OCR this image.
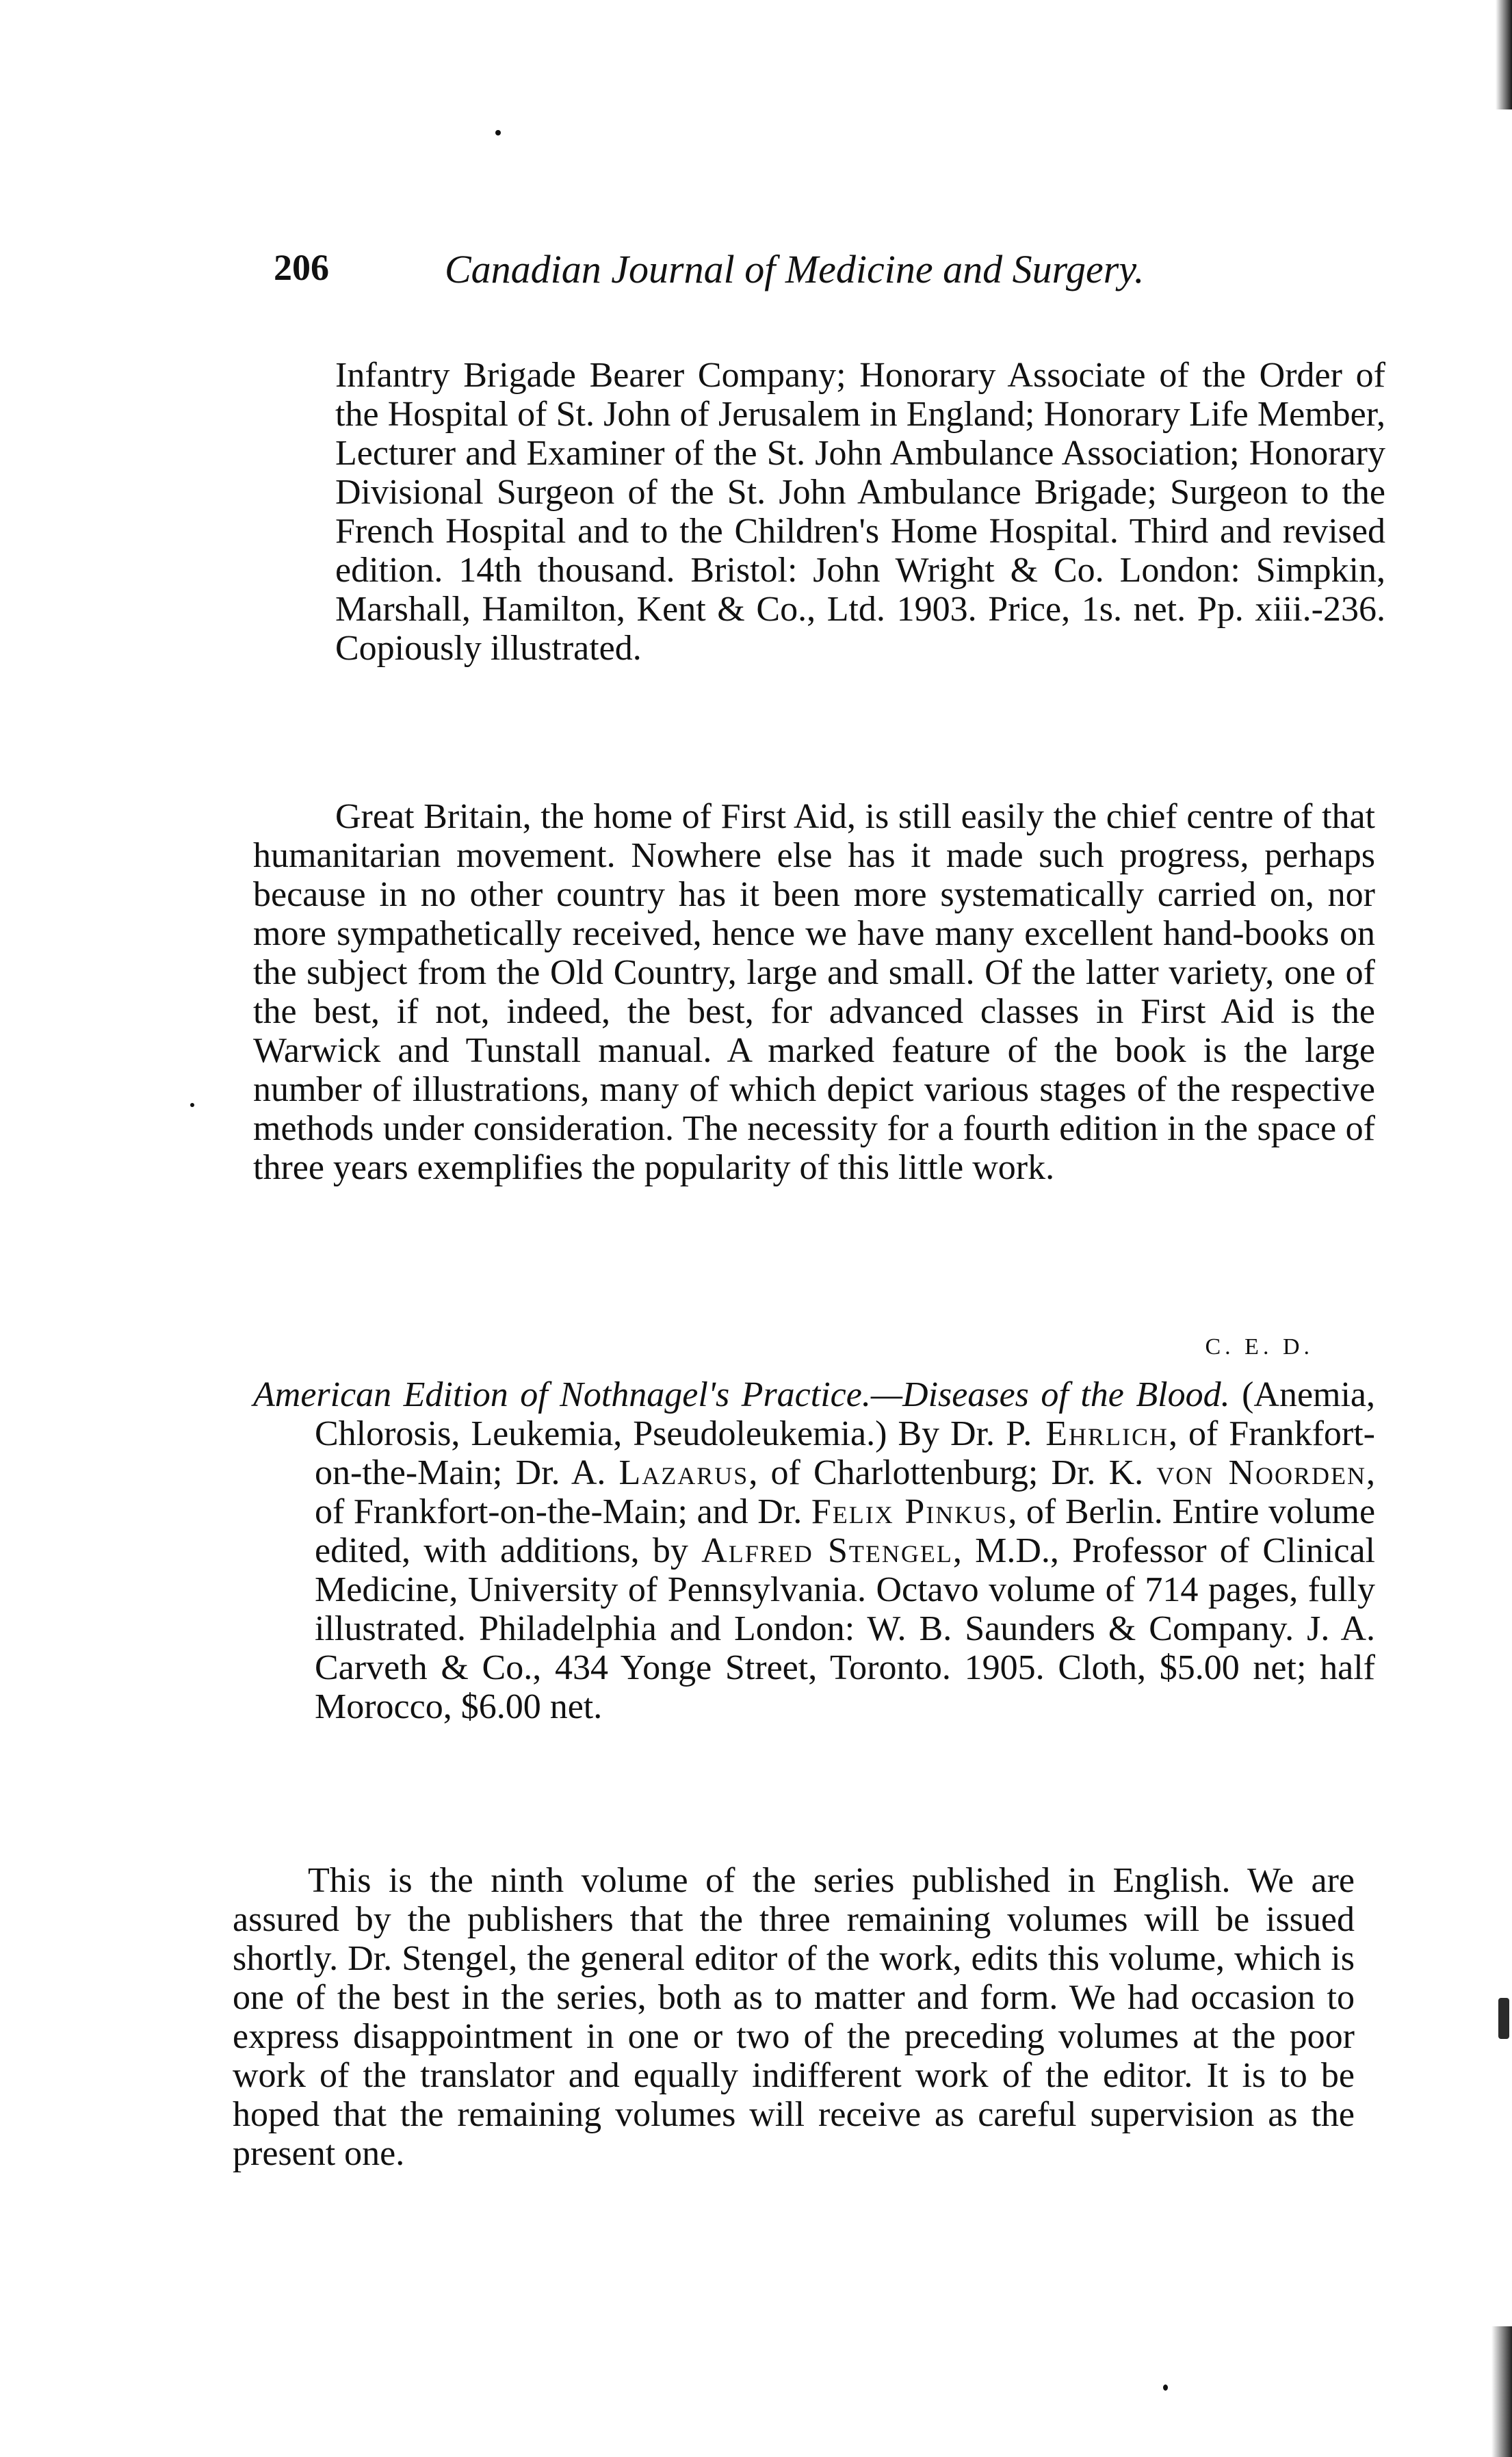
206	Canadian Journal of Medicine and Surgery.
Infantry Brigade Bearer Company; Honorary Associate of the Order of the Hospital of St. John of Jerusalem in England; Honorary Life Member, Lecturer and Examiner of the St. John Ambulance Association; Honorary Divisional Surgeon of the St. John Ambulance Brigade; Surgeon to the French Hospital and to the Children's Home Hospital. Third and revised edition. 14th thousand. Bristol: John Wright & Co. London: Simpkin, Marshall, Hamilton, Kent & Co., Ltd. 1903. Price, 1s. net. Pp. xiii.-236. Copiously illustrated.
Great Britain, the home of First Aid, is still easily the chief centre of that humanitarian movement. Nowhere else has it made such progress, perhaps because in no other country has it been more systematically carried on, nor more sympathetically received, hence we have many excellent hand-books on the subject from the Old Country, large and small. Of the latter variety, one of the best, if not, indeed, the best, for advanced classes in First Aid is the Warwick and Tunstall manual. A marked feature of the book is the large number of illustrations, many of which depict various stages of the respective methods under consideration. The necessity for a fourth edition in the space of three years exemplifies the popularity of this little work.
C. E. D.
American Edition of Nothnagel's Practice.—Diseases of the Blood. (Anemia, Chlorosis, Leukemia, Pseudoleukemia.) By Dr. P. Ehrlich, of Frankfort-on-the-Main; Dr. A. Lazarus, of Charlottenburg; Dr. K. von Noorden, of Frankfort-on-the-Main; and Dr. Felix Pinkus, of Berlin. Entire volume edited, with additions, by Alfred Stengel, M.D., Professor of Clinical Medicine, University of Pennsylvania. Octavo volume of 714 pages, fully illustrated. Philadelphia and London: W. B. Saunders & Company. J. A. Carveth & Co., 434 Yonge Street, Toronto. 1905. Cloth, $5.00 net; half Morocco, $6.00 net.
This is the ninth volume of the series published in English. We are assured by the publishers that the three remaining volumes will be issued shortly. Dr. Stengel, the general editor of the work, edits this volume, which is one of the best in the series, both as to matter and form. We had occasion to express disappointment in one or two of the preceding volumes at the poor work of the translator and equally indifferent work of the editor. It is to be hoped that the remaining volumes will receive as careful supervision as the present one.
